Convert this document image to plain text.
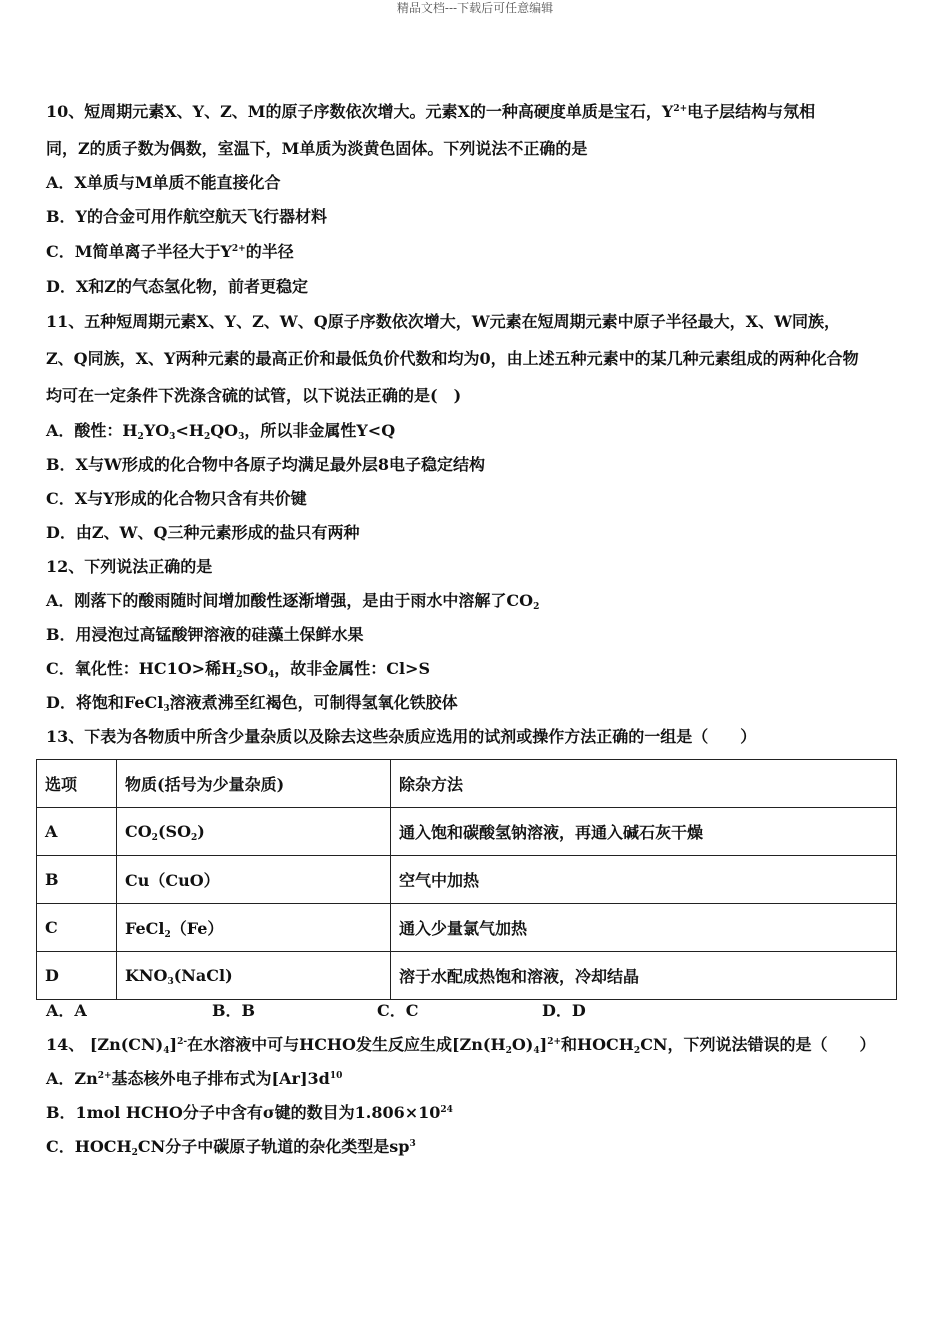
精品文档---下载后可任意编辑
10、短周期元素X、Y、Z、M的原子序数依次增大。元素X的一种高硬度单质是宝石，$Y^{2+}$电子层结构与氖相
同，Z的质子数为偶数，室温下，M单质为淡黄色固体。下列说法不正确的是
A．X单质与M单质不能直接化合
B．Y的合金可用作航空航天飞行器材料
C．M简单离子半径大于$Y^{2+}$的半径
D．X和Z的气态氢化物，前者更稳定
11、五种短周期元素X、Y、Z、W、Q原子序数依次增大，W元素在短周期元素中原子半径最大，X、W同族，
Z、Q同族，X、Y两种元素的最高正价和最低负价代数和均为0，由上述五种元素中的某几种元素组成的两种化合物
均可在一定条件下洗涤含硫的试管，以下说法正确的是(　)
A．酸性：$H_2YO_3<H_2QO_3$，所以非金属性Y<Q
B．X与W形成的化合物中各原子均满足最外层8电子稳定结构
C．X与Y形成的化合物只含有共价键
D．由Z、W、Q三种元素形成的盐只有两种
12、下列说法正确的是
A．刚落下的酸雨随时间增加酸性逐渐增强，是由于雨水中溶解了$CO_2$
B．用浸泡过高锰酸钾溶液的硅藻土保鲜水果
C．氧化性：HC1O>稀$H_2SO_4$，故非金属性：Cl>S
D．将饱和FeCl$_3$溶液煮沸至红褐色，可制得氢氧化铁胶体
13、下表为各物质中所含少量杂质以及除去这些杂质应选用的试剂或操作方法正确的一组是（　　）
选项	物质(括号为少量杂质)	除杂方法
A	$CO_2(SO_2)$	通入饱和碳酸氢钠溶液，再通入碱石灰干燥
B	Cu（CuO）	空气中加热
C	FeCl$_2$（Fe）	通入少量氯气加热
D	$KNO_3(NaCl)$	溶于水配成热饱和溶液，冷却结晶
A．A	B．B	C．C	D．D
14、 $[Zn(CN)_4]^{2-}$在水溶液中可与HCHO发生反应生成$[Zn(H_2O)_4]^{2+}$和$HOCH_2CN$，下列说法错误的是（　　）
A．$Zn^{2+}$基态核外电子排布式为$[Ar]3d^{10}$
B．1mol HCHO分子中含有σ键的数目为$1.806\times 10^{24}$
C．$HOCH_2CN$分子中碳原子轨道的杂化类型是$sp^3$
